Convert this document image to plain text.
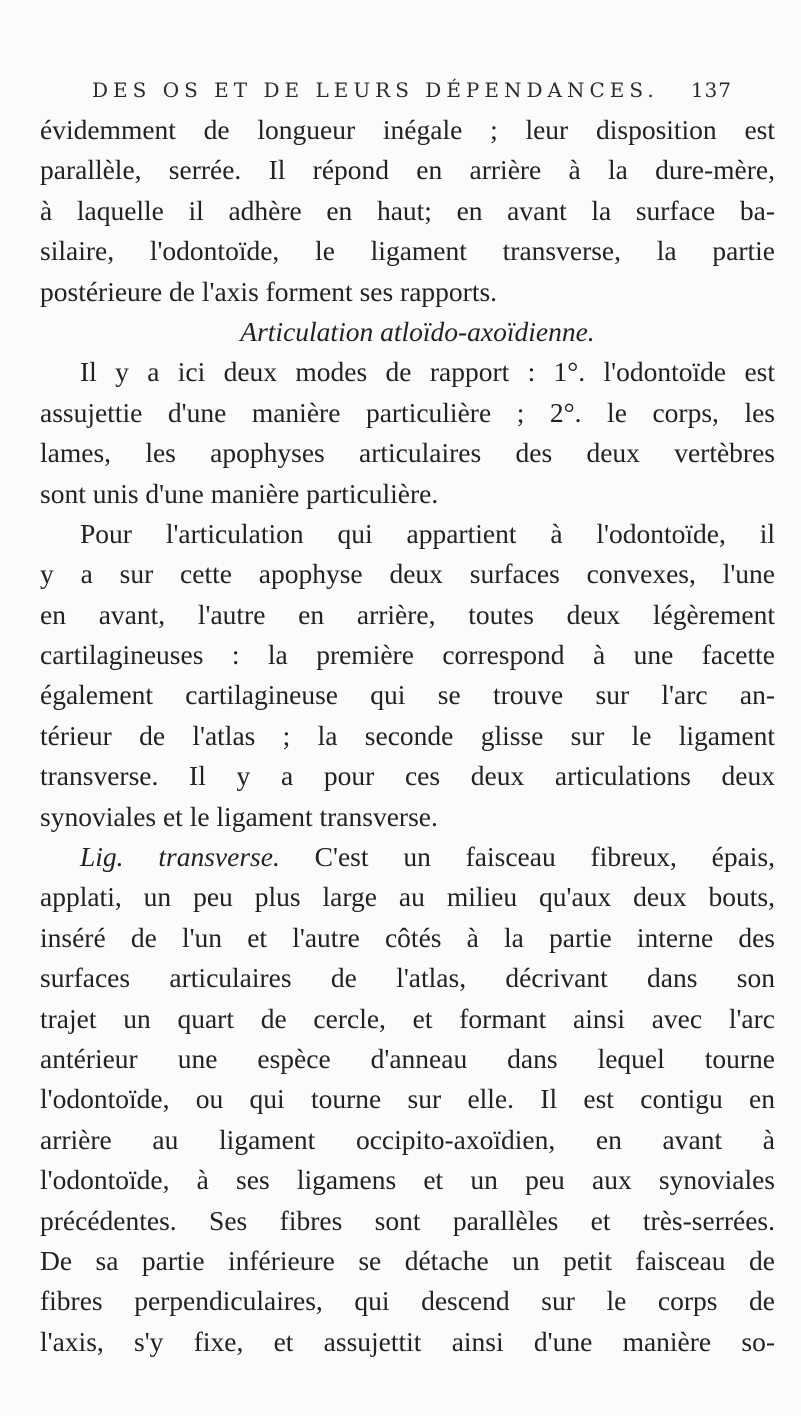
DES OS ET DE LEURS DÉPENDANCES. 137
évidemment de longueur inégale ; leur disposition est
parallèle, serrée. Il répond en arrière à la dure-mère,
à laquelle il adhère en haut; en avant la surface ba-
silaire, l'odontoïde, le ligament transverse, la partie
postérieure de l'axis forment ses rapports.
Articulation atloïdo-axoïdienne.
Il y a ici deux modes de rapport : 1°. l'odontoïde est
assujettie d'une manière particulière ; 2°. le corps, les
lames, les apophyses articulaires des deux vertèbres
sont unis d'une manière particulière.
Pour l'articulation qui appartient à l'odontoïde, il
y a sur cette apophyse deux surfaces convexes, l'une
en avant, l'autre en arrière, toutes deux légèrement
cartilagineuses : la première correspond à une facette
également cartilagineuse qui se trouve sur l'arc an-
térieur de l'atlas ; la seconde glisse sur le ligament
transverse. Il y a pour ces deux articulations deux
synoviales et le ligament transverse.
Lig. transverse. C'est un faisceau fibreux, épais,
applati, un peu plus large au milieu qu'aux deux bouts,
inséré de l'un et l'autre côtés à la partie interne des
surfaces articulaires de l'atlas, décrivant dans son
trajet un quart de cercle, et formant ainsi avec l'arc
antérieur une espèce d'anneau dans lequel tourne
l'odontoïde, ou qui tourne sur elle. Il est contigu en
arrière au ligament occipito-axoïdien, en avant à
l'odontoïde, à ses ligamens et un peu aux synoviales
précédentes. Ses fibres sont parallèles et très-serrées.
De sa partie inférieure se détache un petit faisceau de
fibres perpendiculaires, qui descend sur le corps de
l'axis, s'y fixe, et assujettit ainsi d'une manière so-
